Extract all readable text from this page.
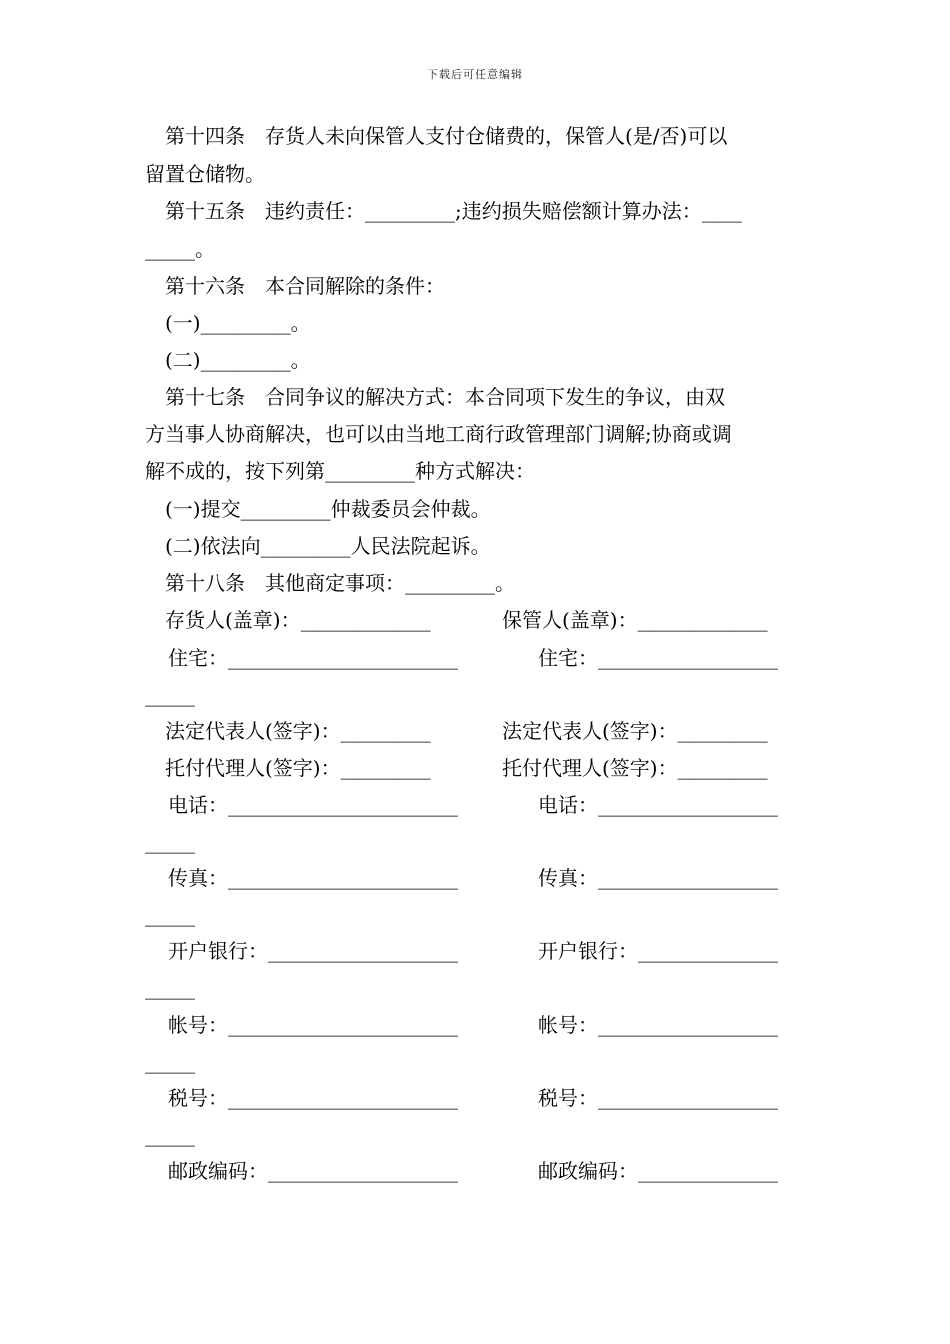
下载后可任意编辑
　第十四条　存货人未向保管人支付仓储费的，保管人(是/否)可以
留置仓储物。
　第十五条　违约责任：_________;违约损失赔偿额计算办法：____
_____。
　第十六条　本合同解除的条件：
　(一)_________。
　(二)_________。
　第十七条　合同争议的解决方式：本合同项下发生的争议，由双
方当事人协商解决，也可以由当地工商行政管理部门调解;协商或调
解不成的，按下列第_________种方式解决：
　(一)提交_________仲裁委员会仲裁。
　(二)依法向_________人民法院起诉。
　第十八条　其他商定事项：_________。
存货人(盖章)：_____________	保管人(盖章)：_____________
住宅：_______________________	住宅：__________________
_____
法定代表人(签字)：_________	法定代表人(签字)：_________
托付代理人(签字)：_________	托付代理人(签字)：_________
电话：_______________________	电话：__________________
_____
传真：_______________________	传真：__________________
_____
开户银行：___________________	开户银行：______________
_____
帐号：_______________________	帐号：__________________
_____
税号：_______________________	税号：__________________
_____
邮政编码：___________________	邮政编码：______________
